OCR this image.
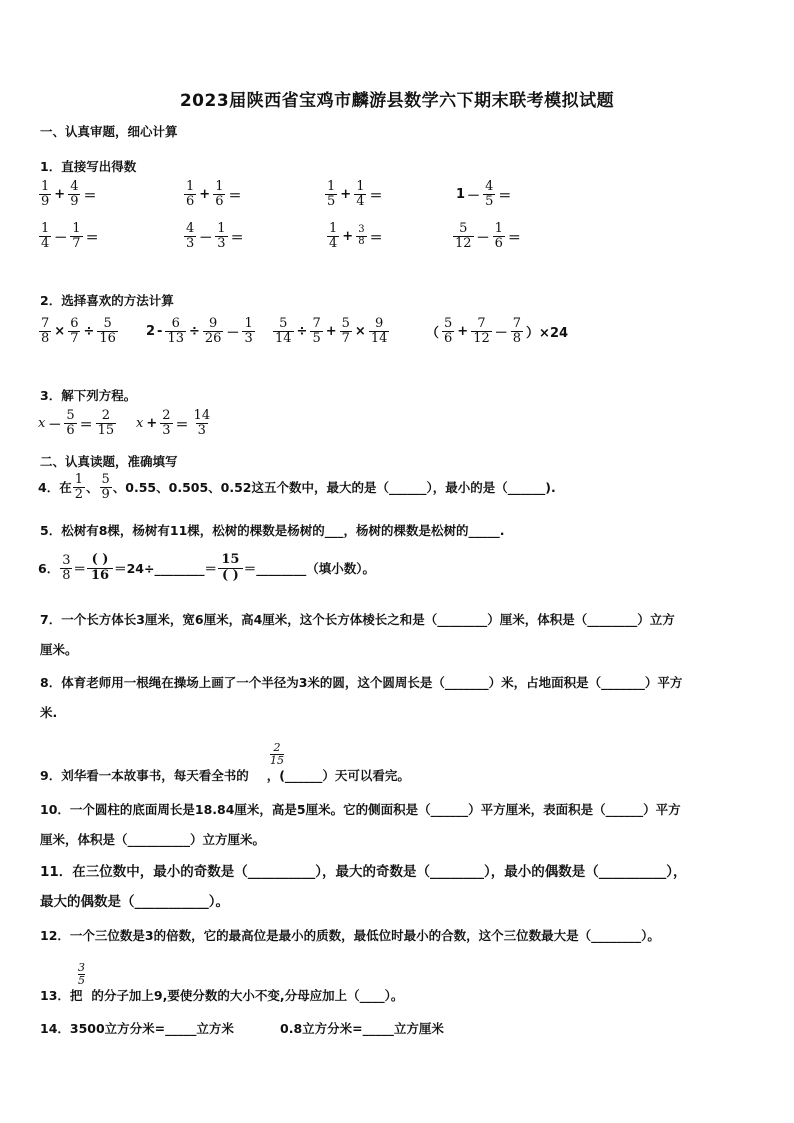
2023届陕西省宝鸡市麟游县数学六下期末联考模拟试题
一、认真审题，细心计算
1．直接写出得数
$\frac{1}{9} + \frac{4}{9}$ ＝	$\frac{1}{6} + \frac{1}{6}$ ＝	$\frac{1}{5} + \frac{1}{4}$ ＝	$1 - \frac{4}{5}$ ＝
$\frac{1}{4} - \frac{1}{7}$ ＝	$\frac{4}{3} - \frac{1}{3}$ ＝	$\frac{1}{4} + \frac{3}{8}$ ＝	$\frac{5}{12} - \frac{1}{6}$ ＝
2．选择喜欢的方法计算
$\frac{7}{8} \times \frac{6}{7} \div \frac{5}{16} 2 - \frac{6}{13} \div \frac{9}{26} - \frac{1}{3} \frac{5}{14} \div \frac{7}{5} + \frac{5}{7} \times \frac{9}{14}$	（ $\frac{5}{6} + \frac{7}{12} - \frac{7}{8} )\times 24$
3．解下列方程。
$x - \frac{5}{6} = \frac{2}{15}$ $x + \frac{2}{3} = \frac{14}{3}$
二、认真读题，准确填写
4．在 $\frac{1}{2}$ 、 $\frac{5}{9}$ 、0.55、0.505、0.52这五个数中，最大的是（______），最小的是（______).
5．松树有8棵，杨树有11棵，松树的棵数是杨树的___，杨树的棵数是松树的_____.
6． $\frac{3}{8} = \frac{( )}{16}$ ＝24÷________＝ $\frac{15}{( )}$ ＝________（填小数）。
7．一个长方体长3厘米，宽6厘米，高4厘米，这个长方体棱长之和是（________）厘米，体积是（________）立方
厘米。
8．体育老师用一根绳在操场上画了一个半径为3米的圆，这个圆周长是（_______）米，占地面积是（_______）平方
米.
$\frac{2}{15}$
9．刘华看一本故事书，每天看全书的 ，(______）天可以看完。
10．一个圆柱的底面周长是18.84厘米，高是5厘米。它的侧面积是（______）平方厘米，表面积是（______）平方
厘米，体积是（__________）立方厘米。
11．在三位数中，最小的奇数是（__________），最大的奇数是（________），最小的偶数是（__________），
最大的偶数是（___________）。
12．一个三位数是3的倍数，它的最高位是最小的质数，最低位时最小的合数，这个三位数最大是（________）。
$\frac{3}{5}$
13．把 的分子加上9,要使分数的大小不变,分母应加上（____）。
14．3500立方分米=_____立方米	0.8立方分米=_____立方厘米
